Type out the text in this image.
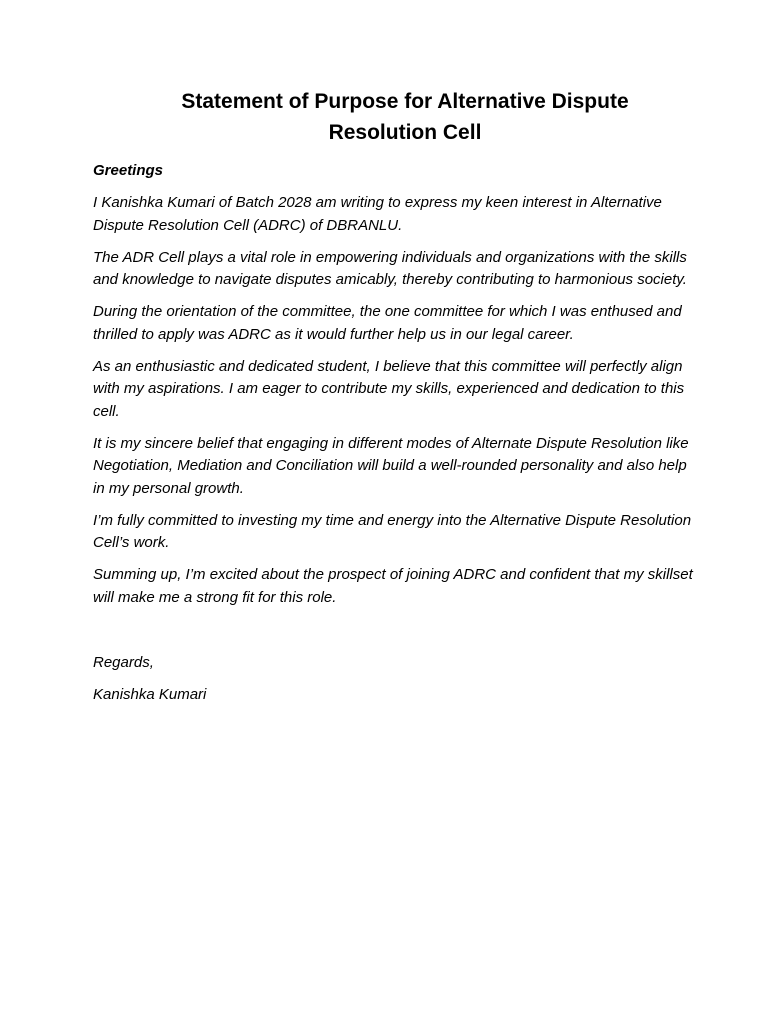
Statement of Purpose for Alternative Dispute
Resolution Cell

Greetings

I Kanishka Kumari of Batch 2028 am writing to express my keen interest in Alternative Dispute Resolution Cell (ADRC) of DBRANLU.

The ADR Cell plays a vital role in empowering individuals and organizations with the skills and knowledge to navigate disputes amicably, thereby contributing to harmonious society.

During the orientation of the committee, the one committee for which I was enthused and thrilled to apply was ADRC as it would further help us in our legal career.

As an enthusiastic and dedicated student, I believe that this committee will perfectly align with my aspirations. I am eager to contribute my skills, experienced and dedication to this cell.

It is my sincere belief that engaging in different modes of Alternate Dispute Resolution like Negotiation, Mediation and Conciliation will build a well-rounded personality and also help in my personal growth.

I’m fully committed to investing my time and energy into the Alternative Dispute Resolution Cell’s work.

Summing up, I’m excited about the prospect of joining ADRC and confident that my skillset will make me a strong fit for this role.

Regards,

Kanishka Kumari
